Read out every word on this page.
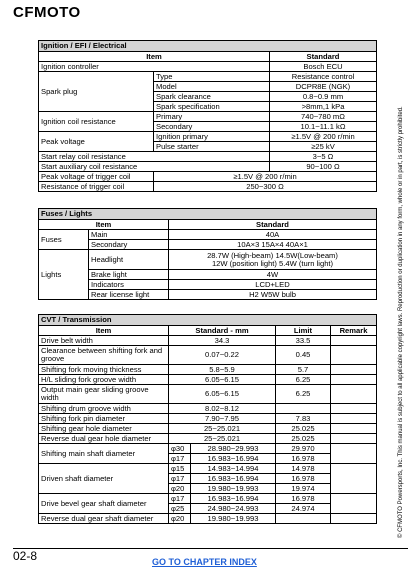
CFMOTO
© CFMOTO Powersports, Inc. This manual is subject to all applicable copyright laws. Reproduction or duplication in any form, whole or in part, is strictly prohibited.
Ignition / EFI / Electrical		
Item		Standard
Ignition controller		Bosch ECU
Spark plug	Type	Resistance control
	Model	DCPR8E (NGK)
	Spark clearance	0.8~0.9 mm
	Spark specification	>8mm,1 kPa
Ignition coil resistance	Primary	740~780 mΩ
	Secondary	10.1~11.1 kΩ
Peak voltage	Ignition primary	≥1.5V @ 200 r/min
	Pulse starter	≥25 kV
Start relay coil resistance		3~5 Ω
Start auxiliary coil resistance		90~100 Ω
Peak voltage of trigger coil	≥1.5V @ 200 r/min	
Resistance of trigger coil	250~300 Ω	
Fuses / Lights		
Item		Standard
Fuses	Main	40A
	Secondary	10A×3 15A×4 40A×1
Lights	Headlight	28.7W (High-beam) 14.5W(Low-beam)
12W (position light) 5.4W (turn light)

	Brake light	4W
	Indicators	LCD+LED
	Rear license light	H2 W5W bulb
CVT / Transmission				
Item	Standard - mm		Limit	Remark
Drive belt width	34.3		33.5	
Clearance between shifting fork and groove	0.07~0.22		0.45	
Shifting fork moving thickness	5.8~5.9		5.7	
H/L sliding fork groove width	6.05~6.15		6.25	
Output main gear sliding groove width	6.05~6.15		6.25	
Shifting drum groove width	8.02~8.12			
Shifting fork pin diameter	7.90~7.95		7.83	
Shifting gear hole diameter	25~25.021		25.025	
Reverse dual gear hole diameter	25~25.021		25.025	
Shifting main shaft diameter	φ30	28.980~29.993	29.970	
	φ17	16.983~16.994	16.978	
Driven shaft diameter	φ15	14.983~14.994	14.978	
	φ17	16.983~16.994	16.978	
	φ20	19.980~19.993	19.974	
Drive bevel gear shaft diameter	φ17	16.983~16.994	16.978	
	φ25	24.980~24.993	24.974	
Reverse dual gear shaft diameter	φ20	19.980~19.993		
02-8	GO TO CHAPTER INDEX
